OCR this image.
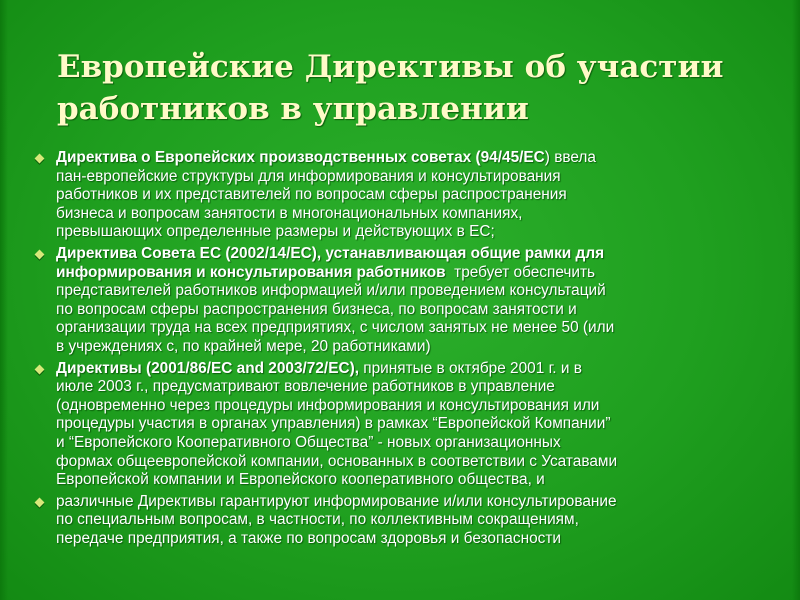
Европейские Директивы об участии
работников в управлении
Директива о Европейских производственных советах (94/45/EC) ввела
пан-европейские структуры для информирования и консультирования
работников и их представителей по вопросам сферы распространения
бизнеса и вопросам занятости в многонациональных компаниях,
превышающих определенные размеры и действующих в ЕС;
Директива Совета ЕС (2002/14/EC), устанавливающая общие рамки для
информирования и консультирования работников  требует обеспечить
представителей работников информацией и/или проведением консультаций
по вопросам сферы распространения бизнеса, по вопросам занятости и
организации труда на всех предприятиях, с числом занятых не менее 50 (или
в учреждениях с, по крайней мере, 20 работниками)
Директивы (2001/86/EC and 2003/72/EC), принятые в октябре 2001 г. и в
июле 2003 г., предусматривают вовлечение работников в управление
(одновременно через процедуры информирования и консультирования или
процедуры участия в органах управления) в рамках “Европейской Компании”
и “Европейского Кооперативного Общества” - новых организационных
формах общеевропейской компании, основанных в соответствии с Усатавами
Европейской компании и Европейского кооперативного общества, и
различные Директивы гарантируют информирование и/или консультирование
по специальным вопросам, в частности, по коллективным сокращениям,
передаче предприятия, а также по вопросам здоровья и безопасности
